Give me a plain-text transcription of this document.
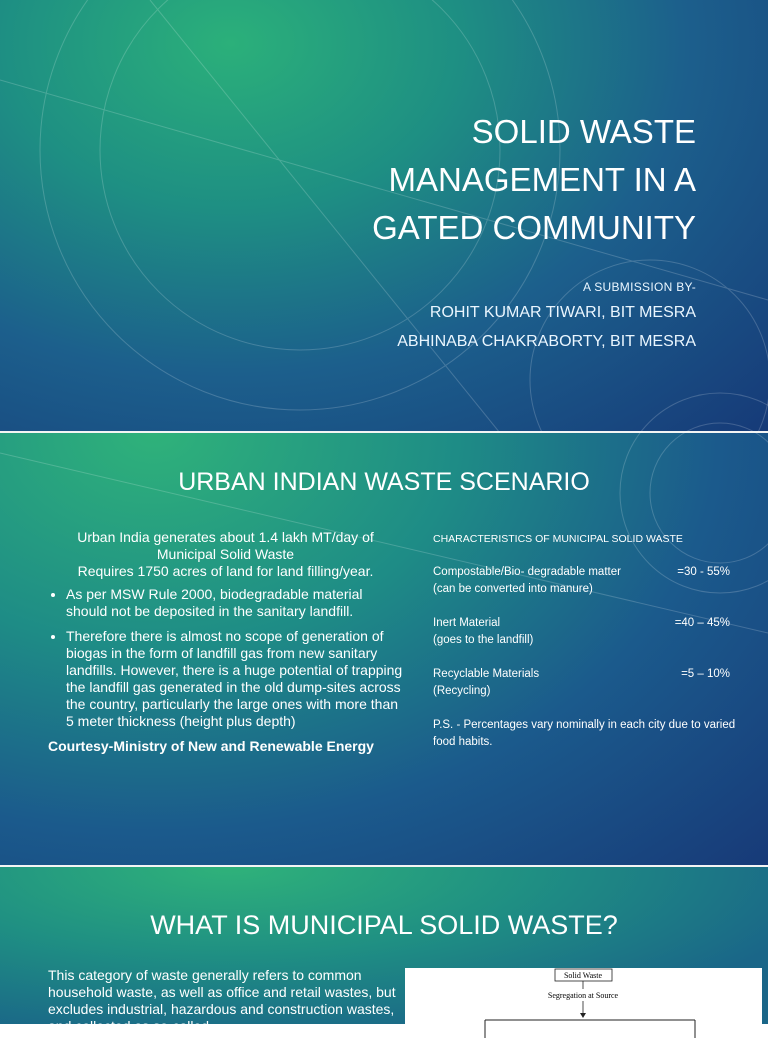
SOLID WASTE MANAGEMENT IN A GATED COMMUNITY
A SUBMISSION BY-
ROHIT KUMAR TIWARI, BIT MESRA
ABHINABA CHAKRABORTY, BIT MESRA
URBAN INDIAN WASTE SCENARIO
Urban India generates about 1.4 lakh MT/day of Municipal Solid Waste
Requires 1750 acres of land for land filling/year.
• As per MSW Rule 2000, biodegradable material should not be deposited in the sanitary landfill.
• Therefore there is almost no scope of generation of biogas in the form of landfill gas from new sanitary landfills. However, there is a huge potential of trapping the landfill gas generated in the old dump-sites across the country, particularly the large ones with more than 5 meter thickness (height plus depth)
Courtesy-Ministry of New and Renewable Energy
CHARACTERISTICS OF MUNICIPAL SOLID WASTE
Compostable/Bio- degradable matter
(can be converted into manure)
=30 - 55%
Inert Material
(goes to the landfill)
=40 – 45%
Recyclable Materials
(Recycling)
=5 – 10%
P.S. - Percentages vary nominally in each city due to varied food habits.
WHAT IS MUNICIPAL SOLID WASTE?
This category of waste generally refers to common household waste, as well as office and retail wastes, but excludes industrial, hazardous and construction wastes, and collected as so-called
Solid Waste
Segregation at Source
